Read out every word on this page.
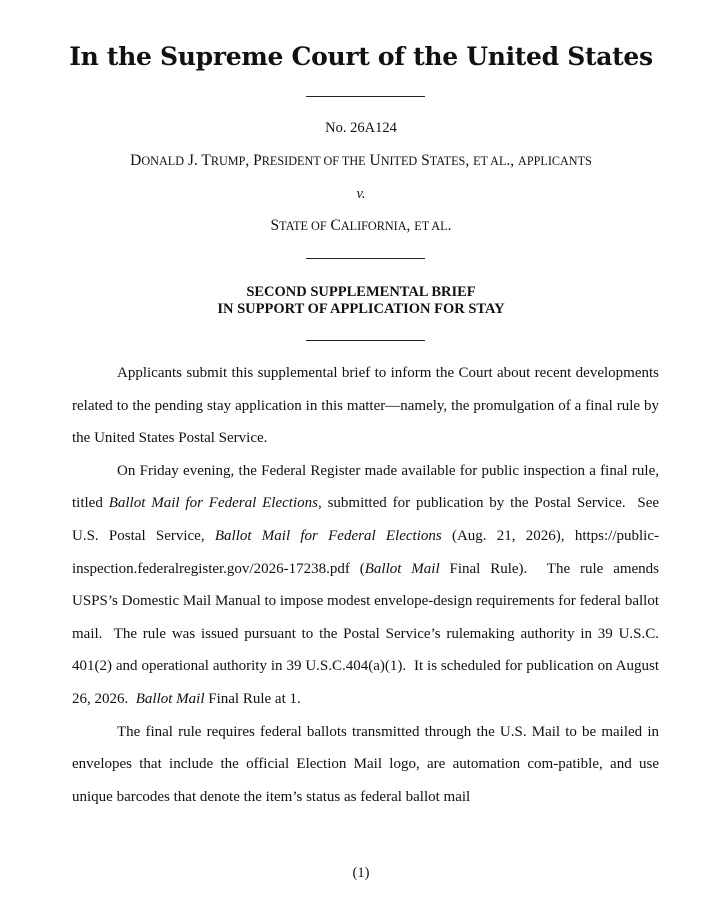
In the Supreme Court of the United States

No. 26A124

DONALD J. TRUMP, PRESIDENT OF THE UNITED STATES, ET AL., APPLICANTS

v.

STATE OF CALIFORNIA, ET AL.

SECOND SUPPLEMENTAL BRIEF

IN SUPPORT OF APPLICATION FOR STAY

Applicants submit this supplemental brief to inform the Court about recent developments related to the pending stay application in this matter—namely, the promulgation of a final rule by the United States Postal Service.

On Friday evening, the Federal Register made available for public inspection a final rule, titled Ballot Mail for Federal Elections, submitted for publication by the Postal Service.  See U.S. Postal Service, Ballot Mail for Federal Elections (Aug. 21, 2026), https://public-inspection.federalregister.gov/2026-17238.pdf (Ballot Mail Final Rule).  The rule amends USPS’s Domestic Mail Manual to impose modest envelope-design requirements for federal ballot mail.  The rule was issued pursuant to the Postal Service’s rulemaking authority in 39 U.S.C. 401(2) and operational authority in 39 U.S.C.404(a)(1).  It is scheduled for publication on August 26, 2026.  Ballot Mail Final Rule at 1.

The final rule requires federal ballots transmitted through the U.S. Mail to be mailed in envelopes that include the official Election Mail logo, are automation com-patible, and use unique barcodes that denote the item’s status as federal ballot mail

(1)
